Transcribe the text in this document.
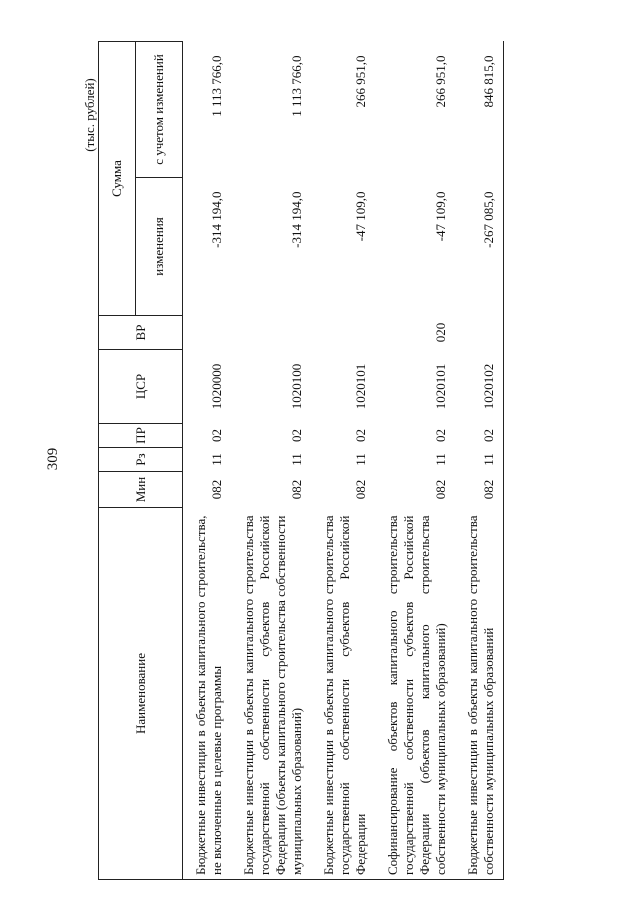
309
(тыс. рублей)
Наименование	Мин	Рз	ПР	ЦСР	ВР	Сумма	
						изменения	с учетом изменений
Бюджетные инвестиции в объекты капитального строительства, не включенные в целевые программы	082	11	02	1020000		-314 194,0	1 113 766,0
Бюджетные инвестиции в объекты капитального строительства государственной собственности субъектов Российской Федерации (объекты капитального строительства собственности муниципальных образований)	082	11	02	1020100		-314 194,0	1 113 766,0
Бюджетные инвестиции в объекты капитального строительства государственной собственности субъектов Российской Федерации	082	11	02	1020101		-47 109,0	266 951,0
Софинансирование объектов капитального строительства государственной собственности субъектов Российской Федерации (объектов капитального строительства собственности муниципальных образований)	082	11	02	1020101	020	-47 109,0	266 951,0
Бюджетные инвестиции в объекты капитального строительства собственности муниципальных образований	082	11	02	1020102		-267 085,0	846 815,0
